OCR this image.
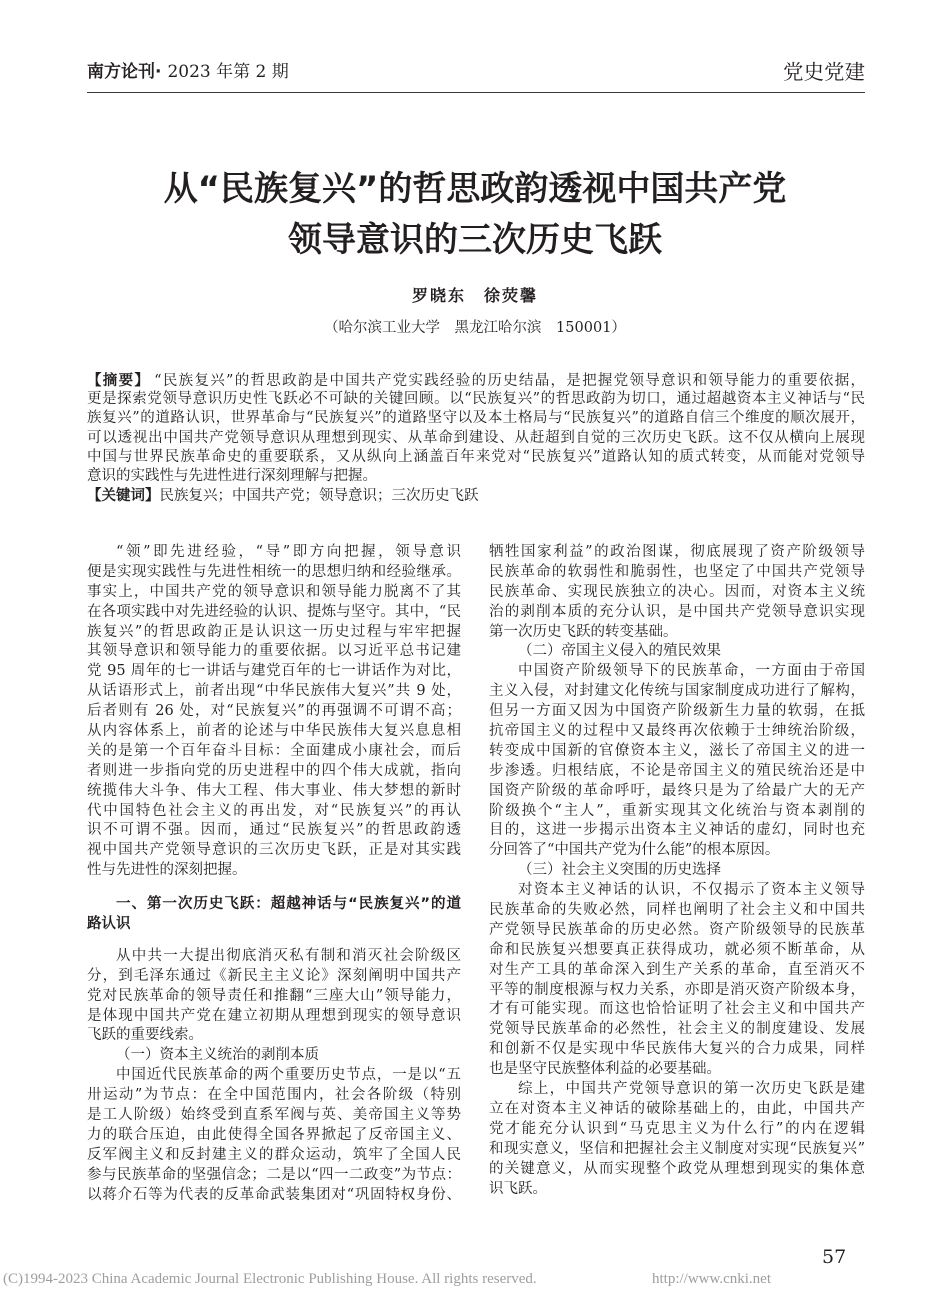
南方论刊· 2023 年第 2 期	党史党建
从“民族复兴”的哲思政韵透视中国共产党
领导意识的三次历史飞跃
罗晓东　徐荧馨
（哈尔滨工业大学　黑龙江哈尔滨　150001）
【摘要】 “民族复兴”的哲思政韵是中国共产党实践经验的历史结晶，是把握党领导意识和领导能力的重要依据，
更是探索党领导意识历史性飞跃必不可缺的关键回顾。以“民族复兴”的哲思政韵为切口，通过超越资本主义神话与“民
族复兴”的道路认识，世界革命与“民族复兴”的道路坚守以及本土格局与“民族复兴”的道路自信三个维度的顺次展开，
可以透视出中国共产党领导意识从理想到现实、从革命到建设、从赶超到自觉的三次历史飞跃。这不仅从横向上展现
中国与世界民族革命史的重要联系，又从纵向上涵盖百年来党对“民族复兴”道路认知的质式转变，从而能对党领导
意识的实践性与先进性进行深刻理解与把握。
【关键词】民族复兴；中国共产党；领导意识；三次历史飞跃
“领”即先进经验，“导”即方向把握，领导意识
便是实现实践性与先进性相统一的思想归纳和经验继承。
事实上，中国共产党的领导意识和领导能力脱离不了其
在各项实践中对先进经验的认识、提炼与坚守。其中，“民
族复兴”的哲思政韵正是认识这一历史过程与牢牢把握
其领导意识和领导能力的重要依据。以习近平总书记建
党 95 周年的七一讲话与建党百年的七一讲话作为对比，
从话语形式上，前者出现“中华民族伟大复兴”共 9 处，
后者则有 26 处，对“民族复兴”的再强调不可谓不高；
从内容体系上，前者的论述与中华民族伟大复兴息息相
关的是第一个百年奋斗目标：全面建成小康社会，而后
者则进一步指向党的历史进程中的四个伟大成就，指向
统揽伟大斗争、伟大工程、伟大事业、伟大梦想的新时
代中国特色社会主义的再出发，对“民族复兴”的再认
识不可谓不强。因而，通过“民族复兴”的哲思政韵透
视中国共产党领导意识的三次历史飞跃，正是对其实践
性与先进性的深刻把握。
一、第一次历史飞跃：超越神话与“民族复兴”的道
路认识
从中共一大提出彻底消灭私有制和消灭社会阶级区
分，到毛泽东通过《新民主主义论》深刻阐明中国共产
党对民族革命的领导责任和推翻“三座大山”领导能力，
是体现中国共产党在建立初期从理想到现实的领导意识
飞跃的重要线索。
（一）资本主义统治的剥削本质
中国近代民族革命的两个重要历史节点，一是以“五
卅运动”为节点：在全中国范围内，社会各阶级（特别
是工人阶级）始终受到直系军阀与英、美帝国主义等势
力的联合压迫，由此使得全国各界掀起了反帝国主义、
反军阀主义和反封建主义的群众运动，筑牢了全国人民
参与民族革命的坚强信念；二是以“四一二政变”为节点：
以蒋介石等为代表的反革命武装集团对“巩固特权身份、
牺牲国家利益”的政治图谋，彻底展现了资产阶级领导
民族革命的软弱性和脆弱性，也坚定了中国共产党领导
民族革命、实现民族独立的决心。因而，对资本主义统
治的剥削本质的充分认识，是中国共产党领导意识实现
第一次历史飞跃的转变基础。
（二）帝国主义侵入的殖民效果
中国资产阶级领导下的民族革命，一方面由于帝国
主义入侵，对封建文化传统与国家制度成功进行了解构，
但另一方面又因为中国资产阶级新生力量的软弱，在抵
抗帝国主义的过程中又最终再次依赖于士绅统治阶级，
转变成中国新的官僚资本主义，滋长了帝国主义的进一
步渗透。归根结底，不论是帝国主义的殖民统治还是中
国资产阶级的革命呼吁，最终只是为了给最广大的无产
阶级换个“主人”，重新实现其文化统治与资本剥削的
目的，这进一步揭示出资本主义神话的虚幻，同时也充
分回答了“中国共产党为什么能”的根本原因。
（三）社会主义突围的历史选择
对资本主义神话的认识，不仅揭示了资本主义领导
民族革命的失败必然，同样也阐明了社会主义和中国共
产党领导民族革命的历史必然。资产阶级领导的民族革
命和民族复兴想要真正获得成功，就必须不断革命，从
对生产工具的革命深入到生产关系的革命，直至消灭不
平等的制度根源与权力关系，亦即是消灭资产阶级本身，
才有可能实现。而这也恰恰证明了社会主义和中国共产
党领导民族革命的必然性，社会主义的制度建设、发展
和创新不仅是实现中华民族伟大复兴的合力成果，同样
也是坚守民族整体利益的必要基础。
综上，中国共产党领导意识的第一次历史飞跃是建
立在对资本主义神话的破除基础上的，由此，中国共产
党才能充分认识到“马克思主义为什么行”的内在逻辑
和现实意义，坚信和把握社会主义制度对实现“民族复兴”
的关键意义，从而实现整个政党从理想到现实的集体意
识飞跃。
57
(C)1994-2023 China Academic Journal Electronic Publishing House. All rights reserved.	http://www.cnki.net
